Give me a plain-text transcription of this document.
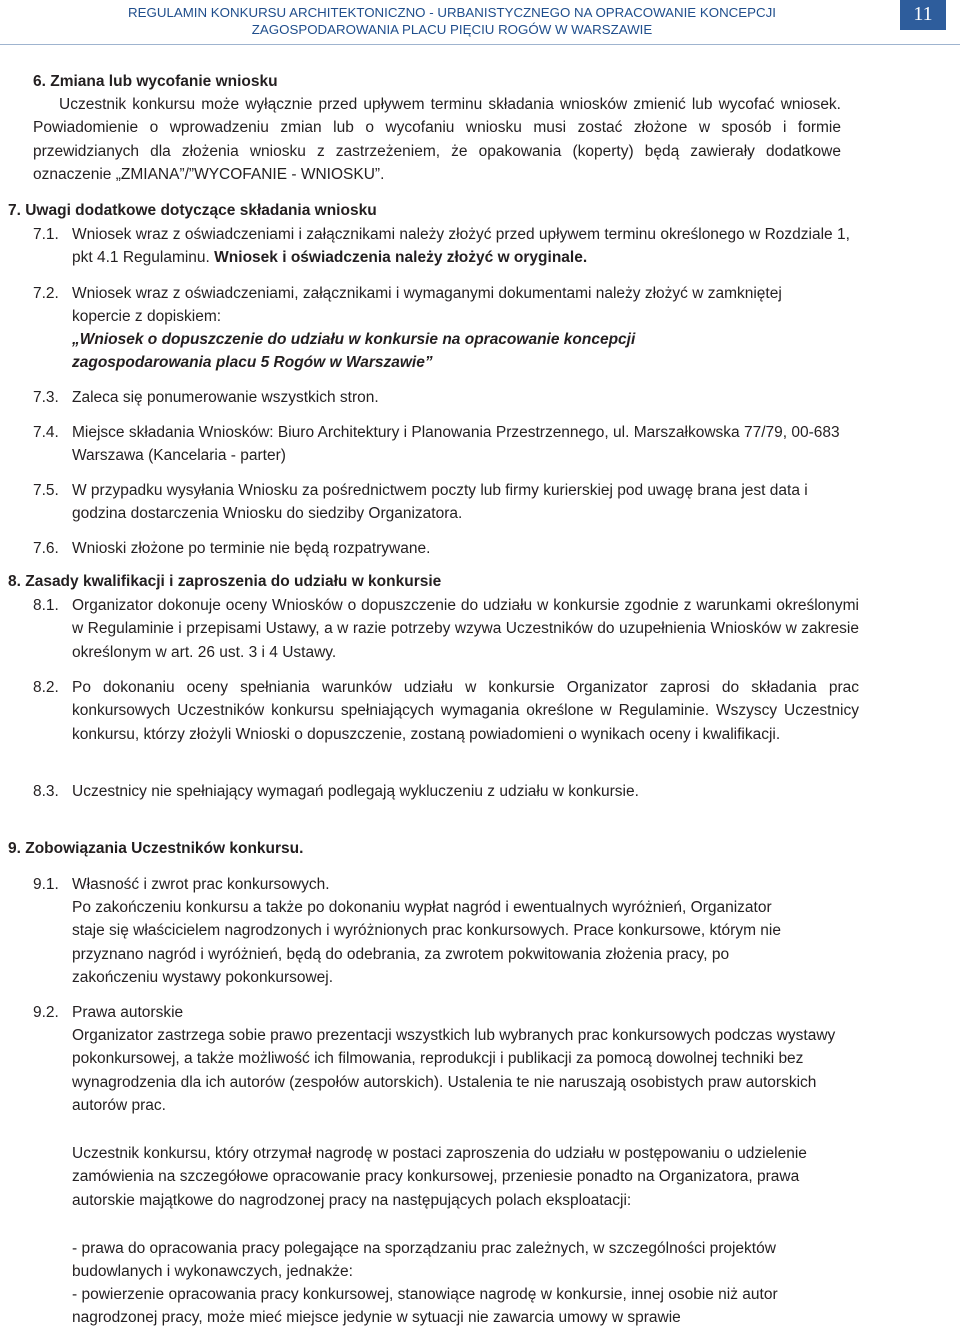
REGULAMIN KONKURSU ARCHITEKTONICZNO - URBANISTYCZNEGO NA OPRACOWANIE KONCEPCJI
ZAGOSPODAROWANIA PLACU PIĘCIU ROGÓW W WARSZAWIE
11
6. Zmiana lub wycofanie wniosku
Uczestnik konkursu może wyłącznie przed upływem terminu składania wniosków zmienić lub wycofać wniosek. Powiadomienie o wprowadzeniu zmian lub o wycofaniu wniosku musi zostać złożone w sposób i formie przewidzianych dla złożenia wniosku z zastrzeżeniem, że opakowania (koperty) będą zawierały dodatkowe oznaczenie „ZMIANA”/”WYCOFANIE - WNIOSKU”.
7. Uwagi dodatkowe dotyczące składania wniosku
7.1. Wniosek wraz z oświadczeniami i załącznikami należy złożyć przed upływem terminu określonego w Rozdziale 1, pkt 4.1 Regulaminu. Wniosek i oświadczenia należy złożyć w oryginale.
7.2. Wniosek wraz z oświadczeniami, załącznikami i wymaganymi dokumentami należy złożyć w zamkniętej kopercie z dopiskiem:
„Wniosek o dopuszczenie do udziału w konkursie na opracowanie koncepcji zagospodarowania placu 5 Rogów w Warszawie”
7.3. Zaleca się ponumerowanie wszystkich stron.
7.4. Miejsce składania Wniosków: Biuro Architektury i Planowania Przestrzennego, ul. Marszałkowska 77/79, 00-683 Warszawa (Kancelaria - parter)
7.5. W przypadku wysyłania Wniosku za pośrednictwem poczty lub firmy kurierskiej pod uwagę brana jest data i godzina dostarczenia Wniosku do siedziby Organizatora.
7.6. Wnioski złożone po terminie nie będą rozpatrywane.
8. Zasady kwalifikacji i zaproszenia do udziału w konkursie
8.1. Organizator dokonuje oceny Wniosków o dopuszczenie do udziału w konkursie zgodnie z warunkami określonymi w Regulaminie i przepisami Ustawy, a w razie potrzeby wzywa Uczestników do uzupełnienia Wniosków w zakresie określonym w art. 26 ust. 3 i 4 Ustawy.
8.2. Po dokonaniu oceny spełniania warunków udziału w konkursie Organizator zaprosi do składania prac konkursowych Uczestników konkursu spełniających wymagania określone w Regulaminie. Wszyscy Uczestnicy konkursu, którzy złożyli Wnioski o dopuszczenie, zostaną powiadomieni o wynikach oceny i kwalifikacji.
8.3. Uczestnicy nie spełniający wymagań podlegają wykluczeniu z udziału w konkursie.
9. Zobowiązania Uczestników konkursu.
9.1. Własność i zwrot prac konkursowych.
Po zakończeniu konkursu a także po dokonaniu wypłat nagród i ewentualnych wyróżnień, Organizator staje się właścicielem nagrodzonych i wyróżnionych prac konkursowych. Prace konkursowe, którym nie przyznano nagród i wyróżnień, będą do odebrania, za zwrotem pokwitowania złożenia pracy, po zakończeniu wystawy pokonkursowej.
9.2. Prawa autorskie
Organizator zastrzega sobie prawo prezentacji wszystkich lub wybranych prac konkursowych podczas wystawy pokonkursowej, a także możliwość ich filmowania, reprodukcji i publikacji za pomocą dowolnej techniki bez wynagrodzenia dla ich autorów (zespołów autorskich). Ustalenia te nie naruszają osobistych praw autorskich autorów prac.
Uczestnik konkursu, który otrzymał nagrodę w postaci zaproszenia do udziału w postępowaniu o udzielenie zamówienia na szczegółowe opracowanie pracy konkursowej, przeniesie ponadto na Organizatora, prawa autorskie majątkowe do nagrodzonej pracy na następujących polach eksploatacji:
- prawa do opracowania pracy polegające na sporządzaniu prac zależnych, w szczególności projektów budowlanych i wykonawczych, jednakże:
- powierzenie opracowania pracy konkursowej, stanowiące nagrodę w konkursie, innej osobie niż autor nagrodzonej pracy, może mieć miejsce jedynie w sytuacji nie zawarcia umowy w sprawie
